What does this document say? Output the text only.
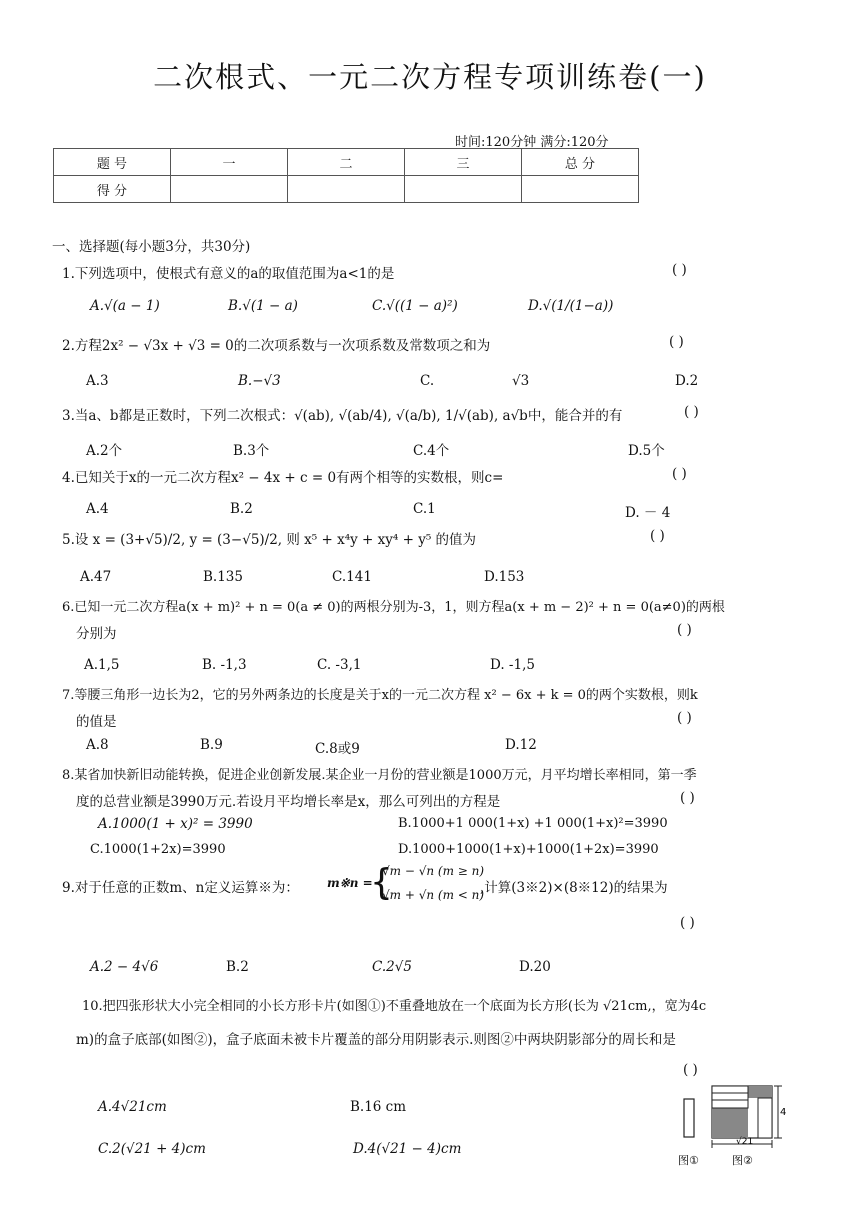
二次根式、一元二次方程专项训练卷(一)
时间:120分钟 满分:120分
题 号	一	二	三	总 分
得 分				
一、选择题(每小题3分，共30分)
1.下列选项中，使根式有意义的a的取值范围为a<1的是	( )
A.√(a − 1)	B.√(1 − a)	C.√((1 − a)²)	D.√(1/(1−a))
2.方程2x² − √3x + √3 = 0的二次项系数与一次项系数及常数项之和为	( )
A.3	B.−√3	C.	√3	D.2
3.当a、b都是正数时，下列二次根式：√(ab), √(ab/4), √(a/b), 1/√(ab), a√b中，能合并的有	( )
A.2个	B.3个	C.4个	D.5个
4.已知关于x的一元二次方程x² − 4x + c = 0有两个相等的实数根，则c=	( )
A.4	B.2	C.1	D. － 4
5.设 x = (3+√5)/2, y = (3−√5)/2, 则 x⁵ + x⁴y + xy⁴ + y⁵ 的值为	( )
A.47	B.135	C.141	D.153
6.已知一元二次方程a(x + m)² + n = 0(a ≠ 0)的两根分别为-3，1，则方程a(x + m − 2)² + n = 0(a≠0)的两根
分别为	( )
A.1,5	B. -1,3	C. -3,1	D. -1,5
7.等腰三角形一边长为2，它的另外两条边的长度是关于x的一元二次方程 x² − 6x + k = 0的两个实数根，则k
的值是	( )
A.8	B.9	C.8或9	D.12
8.某省加快新旧动能转换，促进企业创新发展.某企业一月份的营业额是1000万元，月平均增长率相同，第一季
度的总营业额是3990万元.若设月平均增长率是x，那么可列出的方程是	( )
A.1000(1 + x)² = 3990	B.1000+1 000(1+x) +1 000(1+x)²=3990
C.1000(1+2x)=3990	D.1000+1000(1+x)+1000(1+2x)=3990
9.对于任意的正数m、n定义运算※为： m※n =
{
√m − √n (m ≥ n)
√m + √n (m < n)
,计算(3※2)×(8※12)的结果为
( )
A.2 − 4√6	B.2	C.2√5	D.20
10.把四张形状大小完全相同的小长方形卡片(如图①)不重叠地放在一个底面为长方形(长为 √21cm,，宽为4c
m)的盒子底部(如图②)，盒子底面未被卡片覆盖的部分用阴影表示.则图②中两块阴影部分的周长和是
( )
A.4√21cm	B.16 cm
C.2(√21 + 4)cm	D.4(√21 − 4)cm
4
√21
图①	图②
